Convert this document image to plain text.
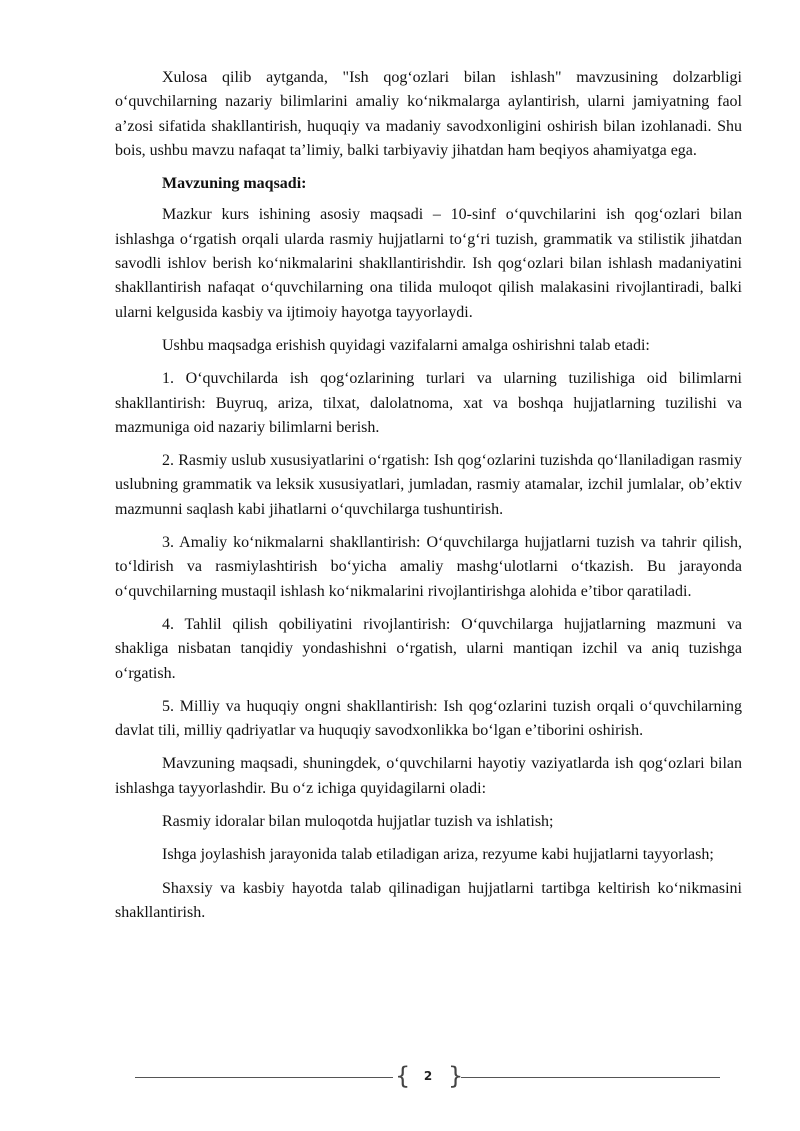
Xulosa qilib aytganda, "Ish qog‘ozlari bilan ishlash" mavzusining dolzarbligi o‘quvchilarning nazariy bilimlarini amaliy ko‘nikmalarga aylantirish, ularni jamiyatning faol a’zosi sifatida shakllantirish, huquqiy va madaniy savodxonligini oshirish bilan izohlanadi. Shu bois, ushbu mavzu nafaqat ta’limiy, balki tarbiyaviy jihatdan ham beqiyos ahamiyatga ega.

Mavzuning maqsadi:

Mazkur kurs ishining asosiy maqsadi – 10-sinf o‘quvchilarini ish qog‘ozlari bilan ishlashga o‘rgatish orqali ularda rasmiy hujjatlarni to‘g‘ri tuzish, grammatik va stilistik jihatdan savodli ishlov berish ko‘nikmalarini shakllantirishdir. Ish qog‘ozlari bilan ishlash madaniyatini shakllantirish nafaqat o‘quvchilarning ona tilida muloqot qilish malakasini rivojlantiradi, balki ularni kelgusida kasbiy va ijtimoiy hayotga tayyorlaydi.

Ushbu maqsadga erishish quyidagi vazifalarni amalga oshirishni talab etadi:

1. O‘quvchilarda ish qog‘ozlarining turlari va ularning tuzilishiga oid bilimlarni shakllantirish: Buyruq, ariza, tilxat, dalolatnoma, xat va boshqa hujjatlarning tuzilishi va mazmuniga oid nazariy bilimlarni berish.

2. Rasmiy uslub xususiyatlarini o‘rgatish: Ish qog‘ozlarini tuzishda qo‘llaniladigan rasmiy uslubning grammatik va leksik xususiyatlari, jumladan, rasmiy atamalar, izchil jumlalar, ob’ektiv mazmunni saqlash kabi jihatlarni o‘quvchilarga tushuntirish.

3. Amaliy ko‘nikmalarni shakllantirish: O‘quvchilarga hujjatlarni tuzish va tahrir qilish, to‘ldirish va rasmiylashtirish bo‘yicha amaliy mashg‘ulotlarni o‘tkazish. Bu jarayonda o‘quvchilarning mustaqil ishlash ko‘nikmalarini rivojlantirishga alohida e’tibor qaratiladi.

4. Tahlil qilish qobiliyatini rivojlantirish: O‘quvchilarga hujjatlarning mazmuni va shakliga nisbatan tanqidiy yondashishni o‘rgatish, ularni mantiqan izchil va aniq tuzishga o‘rgatish.

5. Milliy va huquqiy ongni shakllantirish: Ish qog‘ozlarini tuzish orqali o‘quvchilarning davlat tili, milliy qadriyatlar va huquqiy savodxonlikka bo‘lgan e’tiborini oshirish.

Mavzuning maqsadi, shuningdek, o‘quvchilarni hayotiy vaziyatlarda ish qog‘ozlari bilan ishlashga tayyorlashdir. Bu o‘z ichiga quyidagilarni oladi:

Rasmiy idoralar bilan muloqotda hujjatlar tuzish va ishlatish;

Ishga joylashish jarayonida talab etiladigan ariza, rezyume kabi hujjatlarni tayyorlash;

Shaxsiy va kasbiy hayotda talab qilinadigan hujjatlarni tartibga keltirish ko‘nikmasini shakllantirish.

{	2 }
